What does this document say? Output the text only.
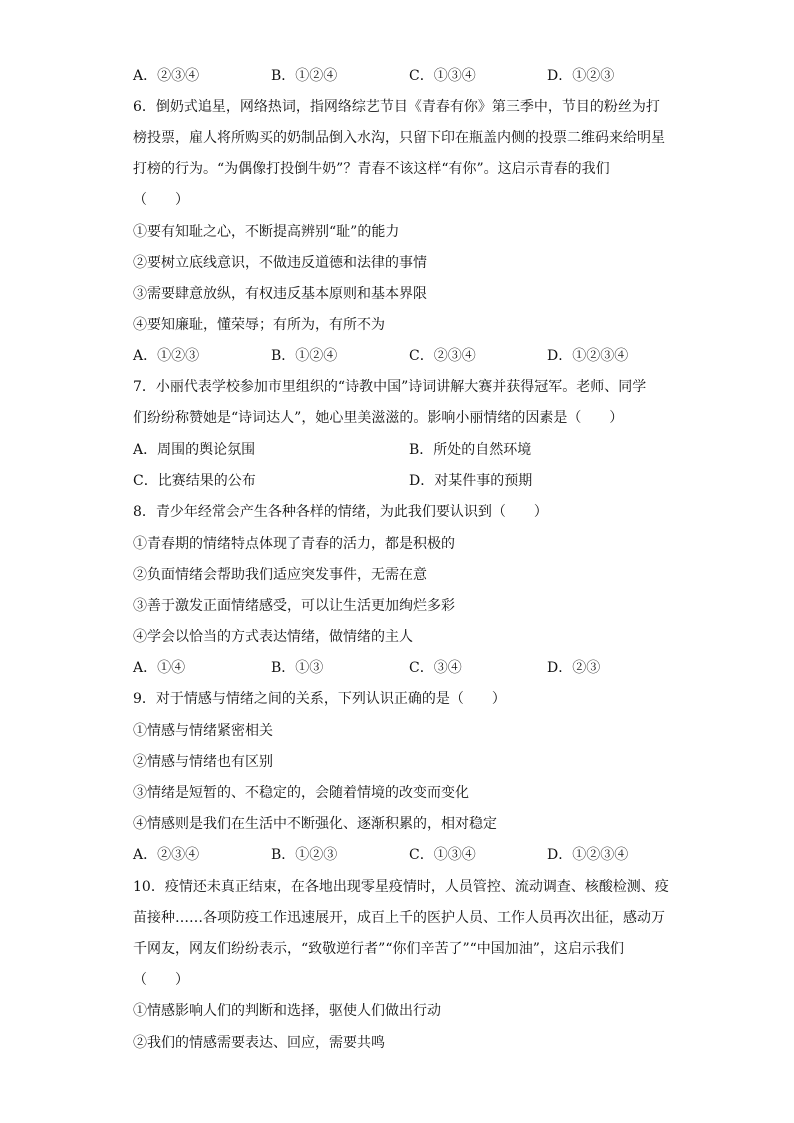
A．②③④	B．①②④	C．①③④	D．①②③
6．倒奶式追星，网络热词，指网络综艺节目《青春有你》第三季中，节目的粉丝为打
榜投票，雇人将所购买的奶制品倒入水沟，只留下印在瓶盖内侧的投票二维码来给明星
打榜的行为。“为偶像打投倒牛奶”？青春不该这样“有你”。这启示青春的我们
（　　）
①要有知耻之心，不断提高辨别“耻”的能力
②要树立底线意识，不做违反道德和法律的事情
③需要肆意放纵，有权违反基本原则和基本界限
④要知廉耻，懂荣辱；有所为，有所不为
A．①②③	B．①②④	C．②③④	D．①②③④
7．小丽代表学校参加市里组织的“诗教中国”诗词讲解大赛并获得冠军。老师、同学
们纷纷称赞她是“诗词达人”，她心里美滋滋的。影响小丽情绪的因素是（　　）
A．周围的舆论氛围	B．所处的自然环境
C．比赛结果的公布	D．对某件事的预期
8．青少年经常会产生各种各样的情绪，为此我们要认识到（　　）
①青春期的情绪特点体现了青春的活力，都是积极的
②负面情绪会帮助我们适应突发事件，无需在意
③善于激发正面情绪感受，可以让生活更加绚烂多彩
④学会以恰当的方式表达情绪，做情绪的主人
A．①④	B．①③	C．③④	D．②③
9．对于情感与情绪之间的关系，下列认识正确的是（　　）
①情感与情绪紧密相关
②情感与情绪也有区别
③情绪是短暂的、不稳定的，会随着情境的改变而变化
④情感则是我们在生活中不断强化、逐渐积累的，相对稳定
A．②③④	B．①②③	C．①③④	D．①②③④
10．疫情还未真正结束，在各地出现零星疫情时，人员管控、流动调查、核酸检测、疫
苗接种……各项防疫工作迅速展开，成百上千的医护人员、工作人员再次出征，感动万
千网友，网友们纷纷表示，“致敬逆行者”“你们辛苦了”“中国加油”，这启示我们
（　　）
①情感影响人们的判断和选择，驱使人们做出行动
②我们的情感需要表达、回应，需要共鸣
